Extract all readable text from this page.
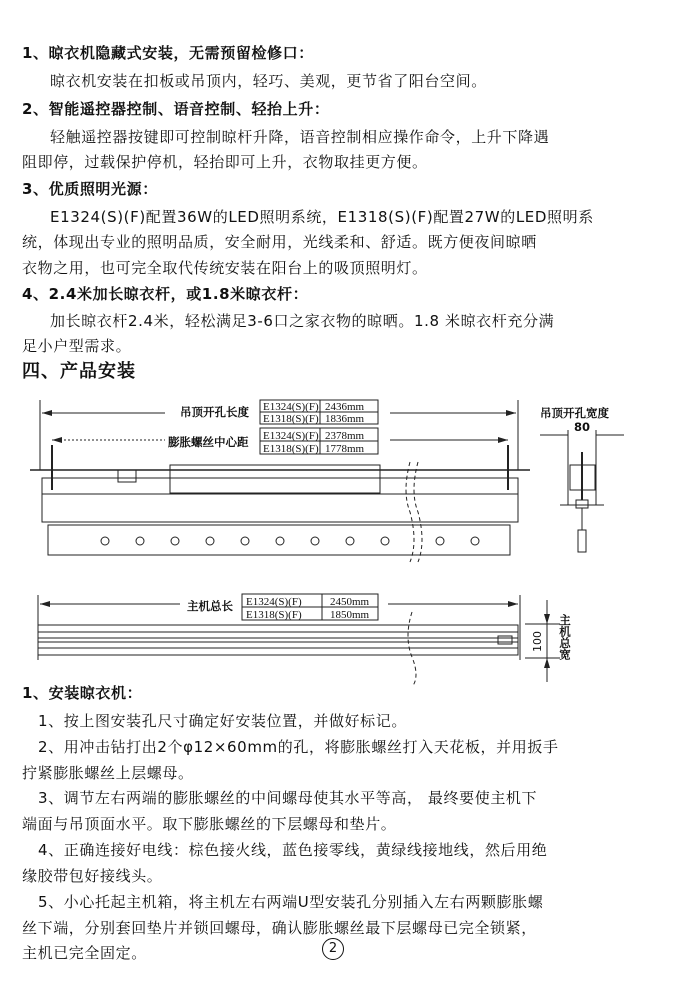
1、晾衣机隐藏式安装，无需预留检修口：
晾衣机安装在扣板或吊顶内，轻巧、美观，更节省了阳台空间。
2、智能遥控器控制、语音控制、轻抬上升：
轻触遥控器按键即可控制晾杆升降，语音控制相应操作命令，上升下降遇
阻即停，过载保护停机，轻抬即可上升，衣物取挂更方便。
3、优质照明光源：
E1324(S)(F)配置36W的LED照明系统，E1318(S)(F)配置27W的LED照明系
统，体现出专业的照明品质，安全耐用，光线柔和、舒适。既方便夜间晾晒
衣物之用，也可完全取代传统安装在阳台上的吸顶照明灯。
4、2.4米加长晾衣杆，或1.8米晾衣杆：
加长晾衣杆2.4米，轻松满足3-6口之家衣物的晾晒。1.8 米晾衣杆充分满
足小户型需求。
四、产品安装
吊顶开孔长度 E1324(S)(F) 2436mm
E1318(S)(F) 1836mm
膨胀螺丝中心距 E1324(S)(F) 2378mm
E1318(S)(F) 1778mm
吊顶开孔宽度
80
主机总长 E1324(S)(F)	2450mm
E1318(S)(F)	1850mm
100 主机总宽
1、安装晾衣机：
1、按上图安装孔尺寸确定好安装位置，并做好标记。
2、用冲击钻打出2个φ12×60mm的孔，将膨胀螺丝打入天花板，并用扳手
拧紧膨胀螺丝上层螺母。
3、调节左右两端的膨胀螺丝的中间螺母使其水平等高， 最终要使主机下
端面与吊顶面水平。取下膨胀螺丝的下层螺母和垫片。
4、正确连接好电线：棕色接火线，蓝色接零线，黄绿线接地线，然后用绝
缘胶带包好接线头。
5、小心托起主机箱，将主机左右两端U型安装孔分别插入左右两颗膨胀螺
丝下端，分别套回垫片并锁回螺母，确认膨胀螺丝最下层螺母已完全锁紧，
主机已完全固定。	2
